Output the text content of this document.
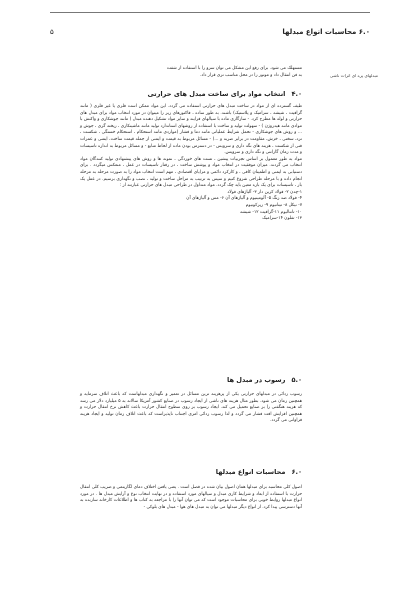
۶.۰ محاسبات انواع مبدلها
۵
مبدلهای پره ای اثرات ناشی

مستهلک می شود. برای رفع این مشکل می توان سرو را با استفاده از شفت

به فن انتقال داد و موتور را در محل مناسب تری قرار داد.

۴.۰انتخاب مواد برای ساخت مبدل های حرارتی

طیف گسترده ای از مواد در ساخت مبدل های حرارتی استفاده می گردد. این مواد ممکن است فلزی یا غیر فلزی ( مانند گرافیت ، شیشه ، سرامیک و پلاستیک) باشند. به طور ساده ، فاکتورهای زیر را میتوان در مورد انتخاب مواد برای مبدل های حرارتی و لوله ها مطرح کرد. - سازگاری ماده با سیالهای فرایند و سایر مواد تشکیل دهنده مبدل ( مانند جوشکاری و واکنش با موادی مانند هیدروژن ) - سهولت تولید و ساخت با استفاده از روشهای استاندارد تولید مانند ماشینکاری ، ریخته گری ، جوش و ... و روش های جوشکاری - تحمل شرایط عملیاتی مانند دما و فشار (مواردی مانند استحکام ، استحکام خستگی ، شکست ، ترد، سختی ، خزش، مقاومت در برابر ضربه و ...) - مسائل مربوط به قیمت و ایمنی از جمله قیمت ساخت، ایمنی و عمرات فنی از شکست ، هزینه های نگه داری و سرویس - در دسترس بودن ماده از لحاظ منابع - و مسائل مربوط به اندازه تاسیسات و مدت زمان گارانتی و نگه داری و سرویس.

مواد به طور معمول بر اساس تجربیات پیشین ، تست های خوردگی ، نمونه ها و روش های پیشنهادی تولید کنندگان مواد انتخاب می گردند. میزان موفقیت در انتخاب مواد و پوشش ساخت ، در رفتار تاسیسات در عمل ، منعکس میگردد . برای دستیابی به ایمنی و اطمینان کافی ، و کارکرد دائمی و مزایای اقتصادی ، مهم است انتخاب مواد را به صورت مرحله به مرحله انجام داده و با مرحله طراحی شروع کنیم و سپس به ترتیب به مراحل ساخت و تولید ، نصب و نگهداری برسیم. در عمل یک بار ، تاسیسات برای یک بازه معین باید چک گردد. مواد متداول در طراحی مبدل های حرارتی عبارتند از :

۱-چدن ۲- فولاد کربن دار ۳- آلیاژهای فولاد
۴- فولاد ضد زنگ ۵- آلومینیوم و آلیاژهای آن ۶- مس و آلیاژهای آن
۷- نیکل ۸- تیتانیوم ۹- زیرکونیوم
۱۰- تانتالیوم ۱۱-گرافیت ۱۲- شیشه
۱۳- تفلون ۱۴-سرامیک
۵.۰رسوب در مبدل ها

رسوب زدائی در مبدلهای حرارتی یکی از پرهزینه ترین مسائل در تعمیر و نگهداری مبدلهاست که باعث اتلاف سرمایه و همچنین زمان می شود. بطور مثال هزینه های ناشی از ایجاد رسوب در صنایع کشور آمریکا سالانه به ۵ میلیارد دلار می رسد که هزینه هنگفتی را بر صنایع تحمیل می کند. ایجاد رسوب بر روی سطوح انتقال حرارت باعث کاهش نرخ انتقال حرارت و همچنین افزایش افت فشار می گردد و لذا رسوب زدائی امری اجتناب ناپذیراست که باعث اتلاف زمان تولید و ایجاد هزینه فراوانی می گردد.

۶.۰محاسبات انواع مبدلها

اصول کلی محاسبه برای مبدلها همان اصول بیان شده در فصل است . یعنی یافتن اختلاف دمای لگاریتمی و ضریب کلی انتقال حرارت با استفاده از ابعاد و شرایط کاری مبدل و سیالهای مورد استفاده و در نهایت انتخاب نوع و آرایش مبدل ها . در مورد انواع مبدلها روابط خوبی برای محاسبات موجود است که می توان آنها را با مراجعه به کتاب ها و اطلاعات کارخانه سازنده به آنها دسترسی پیدا کرد. از انواع دیگر مبدلها می توان به مبدل های هوا - مبدل های بلوکی -
